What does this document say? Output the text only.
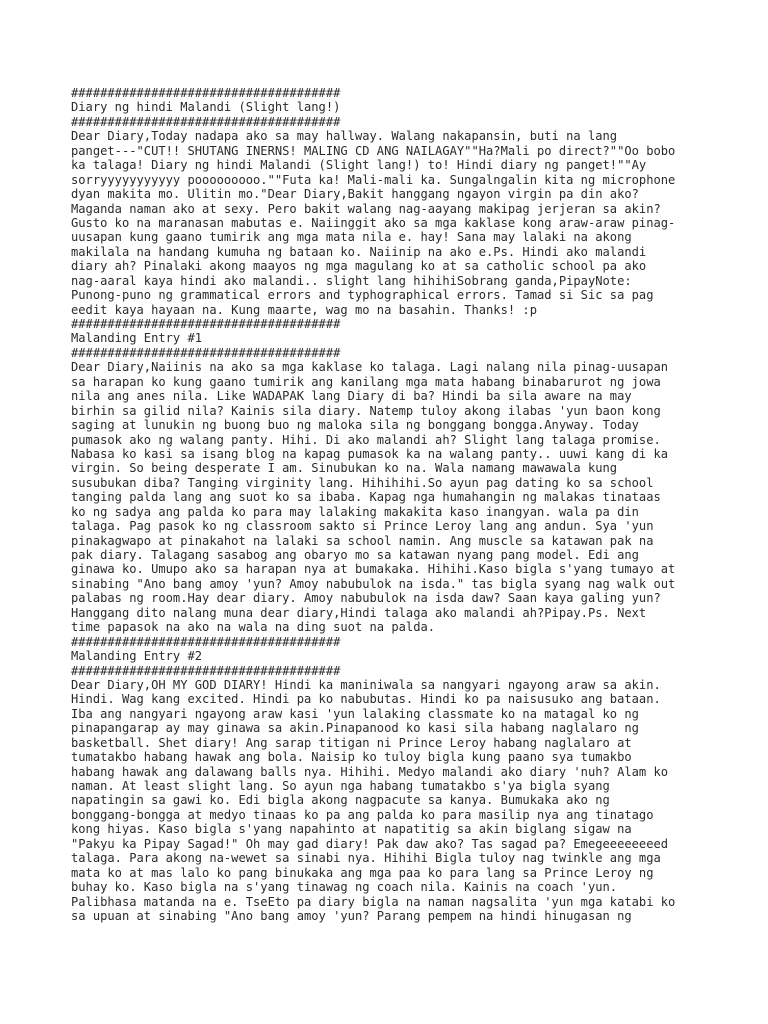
#####################################
Diary ng hindi Malandi (Slight lang!)
#####################################
Dear Diary,Today nadapa ako sa may hallway. Walang nakapansin, buti na lang
panget---"CUT!! SHUTANG INERNS! MALING CD ANG NAILAGAY""Ha?Mali po direct?""Oo bobo
ka talaga! Diary ng hindi Malandi (Slight lang!) to! Hindi diary ng panget!""Ay
sorryyyyyyyyyyy pooooooooo.""Futa ka! Mali-mali ka. Sungalngalin kita ng microphone
dyan makita mo. Ulitin mo."Dear Diary,Bakit hanggang ngayon virgin pa din ako?
Maganda naman ako at sexy. Pero bakit walang nag-aayang makipag jerjeran sa akin?
Gusto ko na maranasan mabutas e. Naiinggit ako sa mga kaklase kong araw-araw pinag-
uusapan kung gaano tumirik ang mga mata nila e. hay! Sana may lalaki na akong
makilala na handang kumuha ng bataan ko. Naiinip na ako e.Ps. Hindi ako malandi
diary ah? Pinalaki akong maayos ng mga magulang ko at sa catholic school pa ako
nag-aaral kaya hindi ako malandi.. slight lang hihihiSobrang ganda,PipayNote:
Punong-puno ng grammatical errors and typhographical errors. Tamad si Sic sa pag
eedit kaya hayaan na. Kung maarte, wag mo na basahin. Thanks! :p
#####################################
Malanding Entry #1
#####################################
Dear Diary,Naiinis na ako sa mga kaklase ko talaga. Lagi nalang nila pinag-uusapan
sa harapan ko kung gaano tumirik ang kanilang mga mata habang binabarurot ng jowa
nila ang anes nila. Like WADAPAK lang Diary di ba? Hindi ba sila aware na may
birhin sa gilid nila? Kainis sila diary. Natemp tuloy akong ilabas 'yun baon kong
saging at lunukin ng buong buo ng maloka sila ng bonggang bongga.Anyway. Today
pumasok ako ng walang panty. Hihi. Di ako malandi ah? Slight lang talaga promise.
Nabasa ko kasi sa isang blog na kapag pumasok ka na walang panty.. uuwi kang di ka
virgin. So being desperate I am. Sinubukan ko na. Wala namang mawawala kung
susubukan diba? Tanging virginity lang. Hihihihi.So ayun pag dating ko sa school
tanging palda lang ang suot ko sa ibaba. Kapag nga humahangin ng malakas tinataas
ko ng sadya ang palda ko para may lalaking makakita kaso inangyan. wala pa din
talaga. Pag pasok ko ng classroom sakto si Prince Leroy lang ang andun. Sya 'yun
pinakagwapo at pinakahot na lalaki sa school namin. Ang muscle sa katawan pak na
pak diary. Talagang sasabog ang obaryo mo sa katawan nyang pang model. Edi ang
ginawa ko. Umupo ako sa harapan nya at bumakaka. Hihihi.Kaso bigla s'yang tumayo at
sinabing "Ano bang amoy 'yun? Amoy nabubulok na isda." tas bigla syang nag walk out
palabas ng room.Hay dear diary. Amoy nabubulok na isda daw? Saan kaya galing yun?
Hanggang dito nalang muna dear diary,Hindi talaga ako malandi ah?Pipay.Ps. Next
time papasok na ako na wala na ding suot na palda.
#####################################
Malanding Entry #2
#####################################
Dear Diary,OH MY GOD DIARY! Hindi ka maniniwala sa nangyari ngayong araw sa akin.
Hindi. Wag kang excited. Hindi pa ko nabubutas. Hindi ko pa naisusuko ang bataan.
Iba ang nangyari ngayong araw kasi 'yun lalaking classmate ko na matagal ko ng
pinapangarap ay may ginawa sa akin.Pinapanood ko kasi sila habang naglalaro ng
basketball. Shet diary! Ang sarap titigan ni Prince Leroy habang naglalaro at
tumatakbo habang hawak ang bola. Naisip ko tuloy bigla kung paano sya tumakbo
habang hawak ang dalawang balls nya. Hihihi. Medyo malandi ako diary 'nuh? Alam ko
naman. At least slight lang. So ayun nga habang tumatakbo s'ya bigla syang
napatingin sa gawi ko. Edi bigla akong nagpacute sa kanya. Bumukaka ako ng
bonggang-bongga at medyo tinaas ko pa ang palda ko para masilip nya ang tinatago
kong hiyas. Kaso bigla s'yang napahinto at napatitig sa akin biglang sigaw na
"Pakyu ka Pipay Sagad!" Oh may gad diary! Pak daw ako? Tas sagad pa? Emegeeeeeeeed
talaga. Para akong na-wewet sa sinabi nya. Hihihi Bigla tuloy nag twinkle ang mga
mata ko at mas lalo ko pang binukaka ang mga paa ko para lang sa Prince Leroy ng
buhay ko. Kaso bigla na s'yang tinawag ng coach nila. Kainis na coach 'yun.
Palibhasa matanda na e. TseEto pa diary bigla na naman nagsalita 'yun mga katabi ko
sa upuan at sinabing "Ano bang amoy 'yun? Parang pempem na hindi hinugasan ng
